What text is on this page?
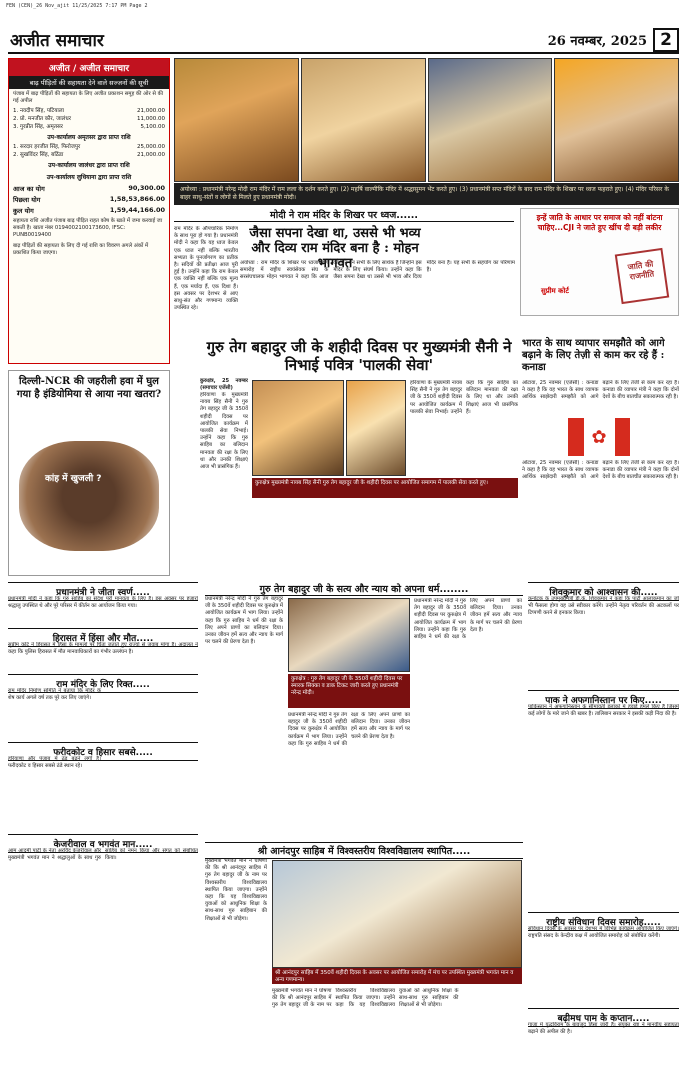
FEN (CEN)_26 Nov_ajit 11/25/2025 7:17 PM Page 2
अजीत समाचार	26 नवम्बर, 2025 2
अजीत / अजीत समाचार
बाढ़ पीड़ितों की सहायता देने वाले सज्जनों की सूची
पंजाब में बाढ़ पीड़ितों की सहायता के लिए अजीत प्रकाशन समूह की ओर से की गई अपील
1. नवदीप सिंह, पटियाला	21,000.00
2. प्रो. मनजीत कौर, जालंधर	11,000.00
3. गुरप्रीत सिंह, अमृतसर	5,100.00
उप-कार्यालय अमृतसर द्वारा प्राप्त राशि
1. सरदार हरजीत सिंह, फिरोजपुर	25,000.00
2. सुखविंदर सिंह, बठिंडा	21,000.00
उप-कार्यालय जालंधर द्वारा प्राप्त राशि
उप-कार्यालय लुधियाना द्वारा प्राप्त राशि
आज का योग	90,300.00
पिछला योग	1,58,53,866.00
कुल योग	1,59,44,166.00
सहायता राशि अजीत पंजाब बाढ़ पीड़ित राहत कोष के खाते में जमा करवाई जा सकती है। खाता नंबर 0194002100173600, IFSC: PUNB0019400
बाढ़ पीड़ितों की सहायता के लिए दी गई राशि का विवरण अगले अंकों में प्रकाशित किया जाएगा।
अयोध्या : प्रधानमंत्री नरेन्द्र मोदी राम मंदिर में राम लला के दर्शन करते हुए। (2) महर्षि वाल्मीकि मंदिर में श्रद्धासुमन भेंट करते हुए। (3) प्रधानमंत्री सप्त मंदिरों के बाद राम मंदिर के शिखर पर ध्वज फहराते हुए। (4) मंदिर परिसर के बाहर साधु-संतों व लोगों से मिलते हुए प्रधानमंत्री मोदी।
मोदी ने राम मंदिर के शिखर पर ध्वज......
राम मंदिर के औपचारिक निर्माण के साथ पूरा हो गया है। प्रधानमंत्री मोदी ने कहा कि यह ध्वज केवल एक ध्वज नहीं बल्कि भारतीय सभ्यता के पुनर्जागरण का प्रतीक है। सदियों की प्रतीक्षा आज पूरी हुई है। उन्होंने कहा कि राम केवल एक व्यक्ति नहीं बल्कि एक मूल्य हैं, एक मर्यादा हैं, एक दिशा हैं। इस अवसर पर देशभर से आए साधु-संत और गणमान्य व्यक्ति उपस्थित रहे।
जैसा सपना देखा था, उससे भी भव्य और दिव्य राम मंदिर बना है : मोहन भागवत
अयोध्या : राम मंदिर के शिखर पर ध्वजारोहण समारोह में राष्ट्रीय स्वयंसेवक संघ के सरसंघचालक मोहन भागवत ने कहा कि आज का दिन उन सभी के लिए सार्थक है जिन्होंने इस मंदिर के लिए संघर्ष किया। उन्होंने कहा कि जैसा सपना देखा था उससे भी भव्य और दिव्य मंदिर बना है। यह सभी के सहयोग का परिणाम है।
इन्हें जाति के आधार पर समाज को नहीं बांटना चाहिए...CJI ने जाते हुए खींच दी बड़ी लकीर
जाति की राजनीति
सुप्रीम कोर्ट
गुरु तेग बहादुर जी के शहीदी दिवस पर मुख्यमंत्री सैनी ने निभाई पवित्र 'पालकी सेवा'
कुरुक्षेत्र, 25 नवम्बर (समाचार एजेंसी)
हरियाणा के मुख्यमंत्री नायब सिंह सैनी ने गुरु तेग बहादुर जी के 350वें शहीदी दिवस पर आयोजित कार्यक्रम में पालकी सेवा निभाई। उन्होंने कहा कि गुरु साहिब का बलिदान मानवता की रक्षा के लिए था और उनकी शिक्षाएं आज भी प्रासंगिक हैं।
हरियाणा के मुख्यमंत्री नायब सिंह सैनी ने गुरु तेग बहादुर जी के 350वें शहीदी दिवस पर आयोजित कार्यक्रम में पालकी सेवा निभाई। उन्होंने कहा कि गुरु साहिब का बलिदान मानवता की रक्षा के लिए था और उनकी शिक्षाएं आज भी प्रासंगिक हैं।
कुरुक्षेत्र मुख्यमंत्री नायब सिंह सैनी गुरु तेग बहादुर जी के शहीदी दिवस पर आयोजित समागम में पालकी सेवा करते हुए।
भारत के साथ व्यापार समझौते को आगे बढ़ाने के लिए तेज़ी से काम कर रहे हैं : कनाडा
✿
ओटावा, 25 नवम्बर (एजेंसी) : कनाडा ने कहा है कि वह भारत के साथ व्यापक आर्थिक साझेदारी समझौते को आगे बढ़ाने के लिए तेजी से काम कर रहा है। कनाडा की व्यापार मंत्री ने कहा कि दोनों देशों के बीच बातचीत सकारात्मक रही है।
ओटावा, 25 नवम्बर (एजेंसी) : कनाडा ने कहा है कि वह भारत के साथ व्यापक आर्थिक साझेदारी समझौते को आगे बढ़ाने के लिए तेजी से काम कर रहा है। कनाडा की व्यापार मंत्री ने कहा कि दोनों देशों के बीच बातचीत सकारात्मक रही है।
दिल्ली-NCR की जहरीली हवा में घुल गया है इंडियोमिया से आया नया खतरा?
कांह में खुजली ?
प्रधानमंत्री ने जीता स्वर्ण.....
प्रधानमंत्री मोदी ने कहा कि गुरु साहिब का संदेश पूरी मानवता के लिए है। इस अवसर पर हजारों श्रद्धालु उपस्थित थे और पूरे परिसर में कीर्तन का आयोजन किया गया।
हिरासत में हिंसा और मौत.....
सुप्रीम कोर्ट ने हिरासत में हिंसा के मामलों पर चिंता जताते हुए राज्यों से जवाब मांगा है। अदालत ने कहा कि पुलिस हिरासत में मौत मानवाधिकारों का गंभीर उल्लंघन है।
राम मंदिर के लिए रिक्त.....
राम मंदिर निर्माण समिति ने बताया कि मंदिर के शेष कार्य अगले वर्ष तक पूरे कर लिए जाएंगे।
फरीदकोट व हिसार सबसे.....
हरियाणा और पंजाब में ठंड बढ़ने लगी है। फरीदकोट व हिसार सबसे ठंडे स्थान रहे।
केजरीवाल व भगवंत मान.....
आम आदमी पार्टी के नेता अरविंद केजरीवाल और मुख्यमंत्री भगवंत मान ने श्रद्धालुओं के साथ गुरु साहिब को नमन किया और संगत को संबोधित किया।
गुरु तेग बहादुर जी के सत्य और न्याय को अपना धर्म........
प्रधानमंत्री नरेन्द्र मोदी ने गुरु तेग बहादुर जी के 350वें शहीदी दिवस पर कुरुक्षेत्र में आयोजित कार्यक्रम में भाग लिया। उन्होंने कहा कि गुरु साहिब ने धर्म की रक्षा के लिए अपने प्राणों का बलिदान दिया। उनका जीवन हमें सत्य और न्याय के मार्ग पर चलने की प्रेरणा देता है।
कुरुक्षेत्र : गुरु तेग बहादुर जी के 350वें शहीदी दिवस पर स्मारक सिक्का व डाक टिकट जारी करते हुए प्रधानमंत्री नरेन्द्र मोदी।
प्रधानमंत्री नरेन्द्र मोदी ने गुरु तेग बहादुर जी के 350वें शहीदी दिवस पर कुरुक्षेत्र में आयोजित कार्यक्रम में भाग लिया। उन्होंने कहा कि गुरु साहिब ने धर्म की रक्षा के लिए अपने प्राणों का बलिदान दिया। उनका जीवन हमें सत्य और न्याय के मार्ग पर चलने की प्रेरणा देता है।
प्रधानमंत्री नरेन्द्र मोदी ने गुरु तेग बहादुर जी के 350वें शहीदी दिवस पर कुरुक्षेत्र में आयोजित कार्यक्रम में भाग लिया। उन्होंने कहा कि गुरु साहिब ने धर्म की रक्षा के लिए अपने प्राणों का बलिदान दिया। उनका जीवन हमें सत्य और न्याय के मार्ग पर चलने की प्रेरणा देता है।
शिवकुमार को आश्वासन की.....
कर्नाटक के उपमुख्यमंत्री डी.के. शिवकुमार ने कहा कि पार्टी आलाकमान का जो भी फैसला होगा वह उसे स्वीकार करेंगे। उन्होंने नेतृत्व परिवर्तन की अटकलों पर टिप्पणी करने से इनकार किया।
पाक ने अफगानिस्तान पर किए.....
पाकिस्तान ने अफगानिस्तान के सीमावर्ती इलाकों में हवाई हमले किए हैं जिसमें कई लोगों के मारे जाने की खबर है। तालिबान सरकार ने इसकी कड़ी निंदा की है।
राष्ट्रीय संविधान दिवस समारोह.....
संविधान दिवस के अवसर पर देशभर में विभिन्न कार्यक्रम आयोजित किए जाएंगे। राष्ट्रपति संसद के केन्द्रीय कक्ष में आयोजित समारोह को संबोधित करेंगी।
बढ़ीमध पाम के कप्तान.....
गाजा में युद्धविराम के बावजूद हिंसा जारी है। संयुक्त राष्ट्र ने मानवीय सहायता बढ़ाने की अपील की है।
श्री आनंदपुर साहिब में विश्वस्तरीय विश्वविद्यालय स्थापित.....
मुख्यमंत्री भगवंत मान ने घोषणा की कि श्री आनंदपुर साहिब में गुरु तेग बहादुर जी के नाम पर विश्वस्तरीय विश्वविद्यालय स्थापित किया जाएगा। उन्होंने कहा कि यह विश्वविद्यालय युवाओं को आधुनिक शिक्षा के साथ-साथ गुरु साहिबान की शिक्षाओं से भी जोड़ेगा।
श्री आनंदपुर साहिब में 350वें शहीदी दिवस के अवसर पर आयोजित समारोह में मंच पर उपस्थित मुख्यमंत्री भगवंत मान व अन्य गणमान्य।
मुख्यमंत्री भगवंत मान ने घोषणा की कि श्री आनंदपुर साहिब में गुरु तेग बहादुर जी के नाम पर विश्वस्तरीय विश्वविद्यालय स्थापित किया जाएगा। उन्होंने कहा कि यह विश्वविद्यालय युवाओं को आधुनिक शिक्षा के साथ-साथ गुरु साहिबान की शिक्षाओं से भी जोड़ेगा।
